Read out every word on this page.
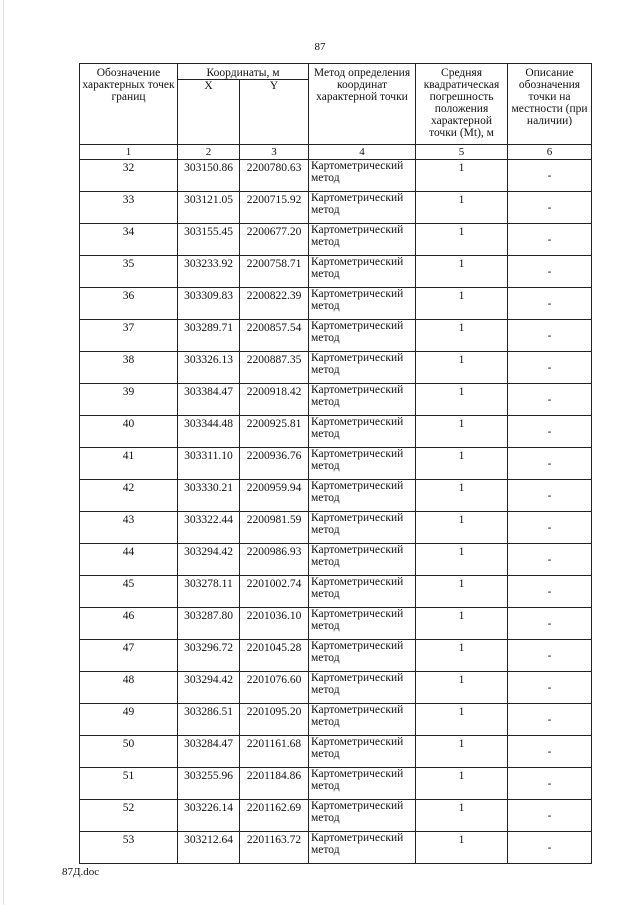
87
Обозначение характерных точек границ	Координаты, м		Метод определения координат характерной точки	Средняя квадратическая погрешность положения характерной точки (Mt), м	Описание обозначения точки на местности (при наличии)
	X	Y			
1	2	3	4	5	6
32	303150.86	2200780.63	Картометрический метод	1	-
33	303121.05	2200715.92	Картометрический метод	1	-
34	303155.45	2200677.20	Картометрический метод	1	-
35	303233.92	2200758.71	Картометрический метод	1	-
36	303309.83	2200822.39	Картометрический метод	1	-
37	303289.71	2200857.54	Картометрический метод	1	-
38	303326.13	2200887.35	Картометрический метод	1	-
39	303384.47	2200918.42	Картометрический метод	1	-
40	303344.48	2200925.81	Картометрический метод	1	-
41	303311.10	2200936.76	Картометрический метод	1	-
42	303330.21	2200959.94	Картометрический метод	1	-
43	303322.44	2200981.59	Картометрический метод	1	-
44	303294.42	2200986.93	Картометрический метод	1	-
45	303278.11	2201002.74	Картометрический метод	1	-
46	303287.80	2201036.10	Картометрический метод	1	-
47	303296.72	2201045.28	Картометрический метод	1	-
48	303294.42	2201076.60	Картометрический метод	1	-
49	303286.51	2201095.20	Картометрический метод	1	-
50	303284.47	2201161.68	Картометрический метод	1	-
51	303255.96	2201184.86	Картометрический метод	1	-
52	303226.14	2201162.69	Картометрический метод	1	-
53	303212.64	2201163.72	Картометрический метод	1	-
87Д.doc
